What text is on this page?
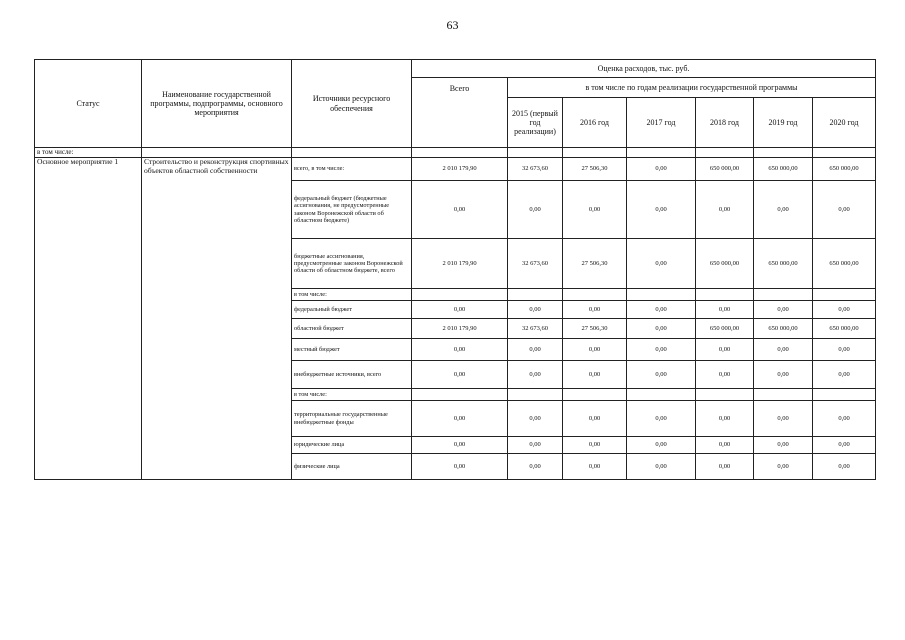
63
Статус	Наименование государственной программы, подпрограммы, основного мероприятия	Источники ресурсного обеспечения	Оценка расходов, тыс. руб.						
			Всего	в том числе по годам реализации государственной программы					
				2015 (первый год реализации)	2016 год	2017 год	2018 год	2019 год	2020 год
в том числе:									
Основное мероприятие 1	Строительство и реконструкция спортивных объектов областной собственности	всего, в том числе:	2 010 179,90	32 673,60	27 506,30	0,00	650 000,00	650 000,00	650 000,00
		федеральный бюджет (бюджетные ассигнования, не предусмотренные законом Воронежской области об областном бюджете)	0,00	0,00	0,00	0,00	0,00	0,00	0,00
		бюджетные ассигнования, предусмотренные законом Воронежской области об областном бюджете, всего	2 010 179,90	32 673,60	27 506,30	0,00	650 000,00	650 000,00	650 000,00
		в том числе:							
		федеральный бюджет	0,00	0,00	0,00	0,00	0,00	0,00	0,00
		областной бюджет	2 010 179,90	32 673,60	27 506,30	0,00	650 000,00	650 000,00	650 000,00
		местный бюджет	0,00	0,00	0,00	0,00	0,00	0,00	0,00
		внебюджетные источники, всего	0,00	0,00	0,00	0,00	0,00	0,00	0,00
		в том числе:							
		территориальные государственные внебюджетные фонды	0,00	0,00	0,00	0,00	0,00	0,00	0,00
		юридические лица	0,00	0,00	0,00	0,00	0,00	0,00	0,00
		физические лица	0,00	0,00	0,00	0,00	0,00	0,00	0,00
